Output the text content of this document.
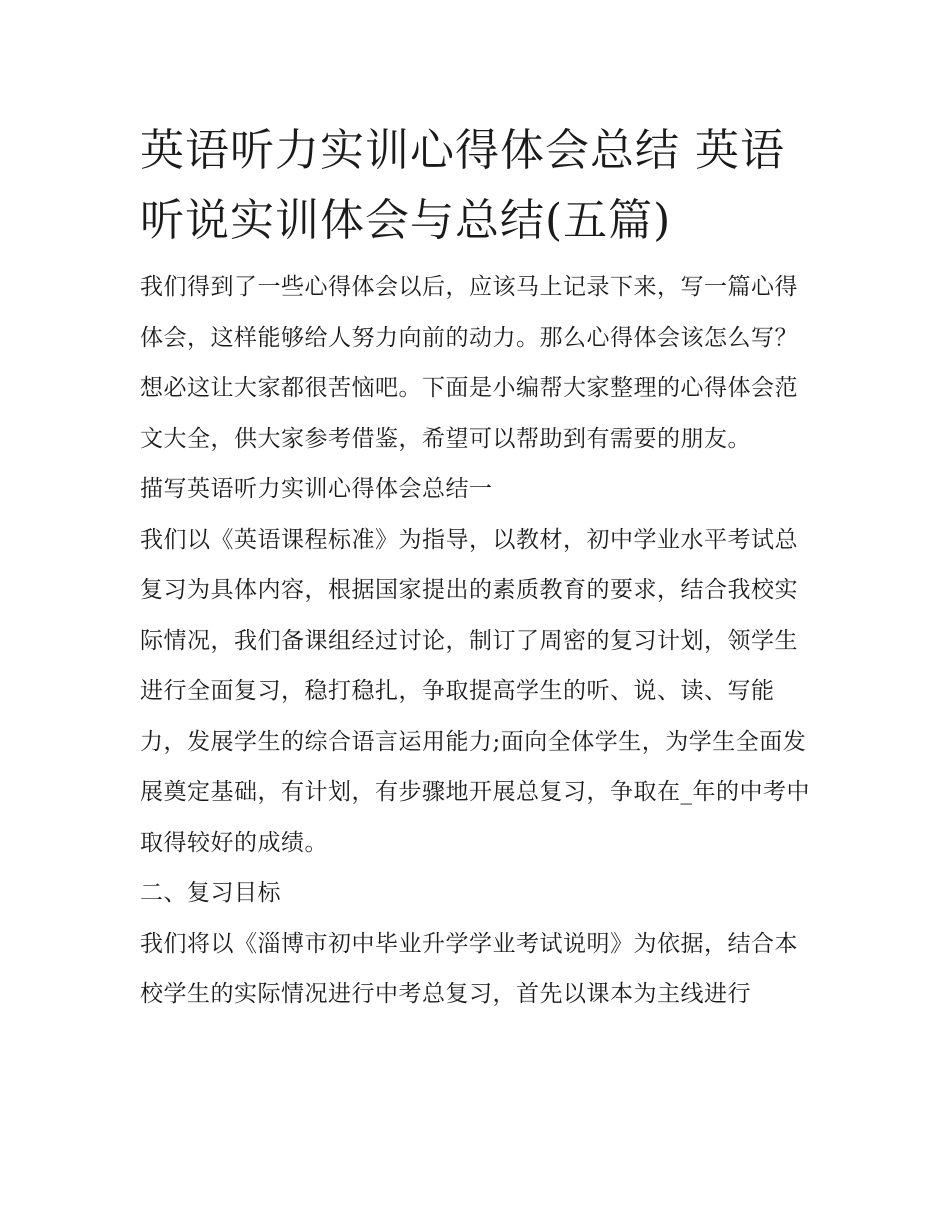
英语听力实训心得体会总结 英语听说实训体会与总结(五篇)

我们得到了一些心得体会以后，应该马上记录下来，写一篇心得体会，这样能够给人努力向前的动力。那么心得体会该怎么写？想必这让大家都很苦恼吧。下面是小编帮大家整理的心得体会范文大全，供大家参考借鉴，希望可以帮助到有需要的朋友。

描写英语听力实训心得体会总结一

我们以《英语课程标准》为指导，以教材，初中学业水平考试总复习为具体内容，根据国家提出的素质教育的要求，结合我校实际情况，我们备课组经过讨论，制订了周密的复习计划，领学生进行全面复习，稳打稳扎，争取提高学生的听、说、读、写能力，发展学生的综合语言运用能力;面向全体学生，为学生全面发展奠定基础，有计划，有步骤地开展总复习，争取在_年的中考中取得较好的成绩。

二、复习目标

我们将以《淄博市初中毕业升学学业考试说明》为依据，结合本校学生的实际情况进行中考总复习，首先以课本为主线进行
